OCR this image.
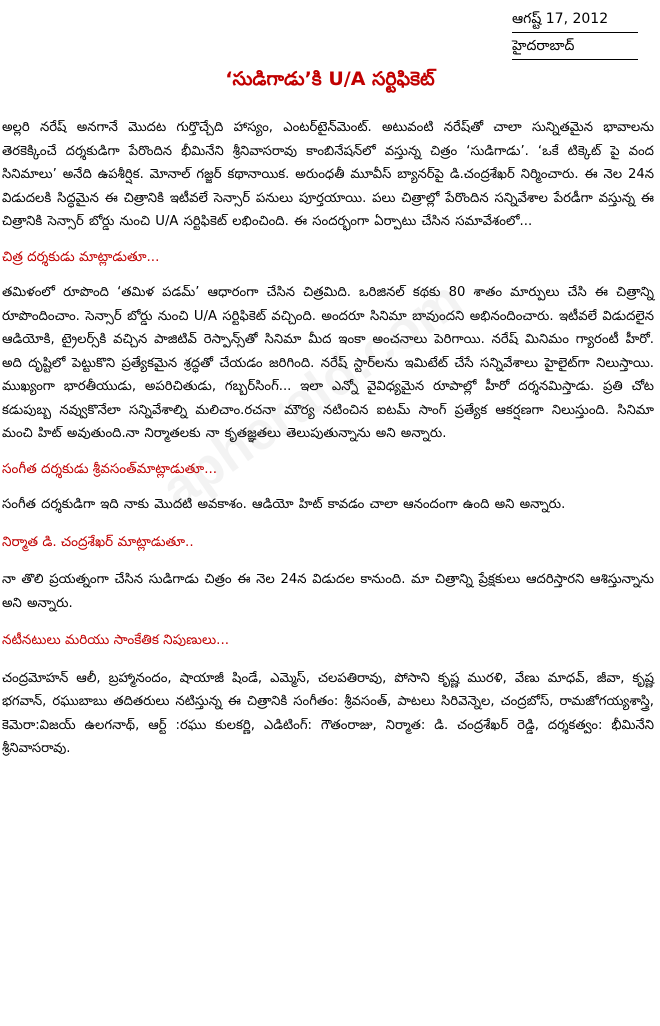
ఆగష్ట్ 17, 2012
హైదరాబాద్
‘సుడిగాడు’కి U/A సర్టిఫికెట్

అల్లరి నరేష్ అనగానే మొదట గుర్తొచ్చేది హాస్యం, ఎంటర్‌టైన్‌మెంట్. అటువంటి నరేష్‌తో చాలా సున్నితమైన భావాలను తెరకెక్కించే దర్శకుడిగా పేరొందిన భీమినేని శ్రీనివాసరావు కాంబినేషన్‌లో వస్తున్న చిత్రం ‘సుడిగాడు’. ‘ఒకే టిక్కెట్ పై వంద సినిమాలు’ అనేది ఉపశీర్షిక. మోనాల్ గజ్జర్ కథానాయిక. అరుంధతీ మూవీస్ బ్యానర్‌పై డి.చంద్రశేఖర్ నిర్మించారు. ఈ నెల 24న విడుదలకి సిద్ధమైన ఈ చిత్రానికి ఇటీవలే సెన్సార్ పనులు పూర్తయాయి. పలు చిత్రాల్లో పేరొందిన సన్నివేశాల పేరడీగా వస్తున్న ఈ చిత్రానికి సెన్సార్ బోర్డు నుంచి U/A సర్టిఫికెట్ లభించింది. ఈ సందర్భంగా ఏర్పాటు చేసిన సమావేశంలో...

చిత్ర దర్శకుడు మాట్లాడుతూ...

తమిళంలో రూపొంది ‘తమిళ పడమ్’ ఆధారంగా చేసిన చిత్రమిది. ఒరిజినల్ కథకు 80 శాతం మార్పులు చేసి ఈ చిత్రాన్ని రూపొందించాం. సెన్సార్ బోర్డు నుంచి U/A సర్టిఫికెట్ వచ్చింది. అందరూ సినిమా బావుందని అభినందించారు. ఇటీవలే విడుదలైన ఆడియోకి, ట్రైలర్స్‌కి వచ్చిన పాజిటివ్ రెస్పాన్స్‌తో సినిమా మీద ఇంకా అంచనాలు పెరిగాయి. నరేష్ మినిమం గ్యారంటీ హీరో. అది దృష్టిలో పెట్టుకొని ప్రత్యేకమైన శ్రద్ధతో చేయడం జరిగింది. నరేష్ స్టార్‌లను ఇమిటేట్ చేసే సన్నివేశాలు హైలైట్‌గా నిలుస్తాయి. ముఖ్యంగా భారతీయుడు, అపరిచితుడు, గబ్బర్‌సింగ్... ఇలా ఎన్నో వైవిధ్యమైన రూపాల్లో హీరో దర్శనమిస్తాడు. ప్రతి చోట కడుపుబ్బ నవ్వుకొనేలా సన్నివేశాల్ని మలిచాం.రచనా మౌర్య నటించిన ఐటమ్ సాంగ్ ప్రత్యేక ఆకర్షణగా నిలుస్తుంది. సినిమా మంచి హిట్ అవుతుంది.నా నిర్మాతలకు నా కృతజ్ఞతలు తెలుపుతున్నాను అని అన్నారు.

సంగీత దర్శకుడు శ్రీవసంత్‌మాట్లాడుతూ...

సంగీత దర్శకుడిగా ఇది నాకు మొదటి అవకాశం. ఆడియో హిట్ కావడం చాలా ఆనందంగా ఉంది అని అన్నారు.

నిర్మాత డి. చంద్రశేఖర్ మాట్లాడుతూ..

నా తొలి ప్రయత్నంగా చేసిన సుడిగాడు చిత్రం ఈ నెల 24న విడుదల కానుంది. మా చిత్రాన్ని ప్రేక్షకులు ఆదరిస్తారని ఆశిస్తున్నాను అని అన్నారు.

నటీనటులు మరియు సాంకేతిక నిపుణులు...

చంద్రమోహన్ ఆలీ, బ్రహ్మానందం, షాయాజీ షిండే, ఎమ్మెస్, చలపతిరావు, పోసాని కృష్ణ మురళి, వేణు మాధవ్, జీవా, కృష్ణ భగవాన్, రఘుబాబు తదితరులు నటిస్తున్న ఈ చిత్రానికి సంగీతం: శ్రీవసంత్, పాటలు సిరివెన్నెల, చంద్రబోస్, రామజోగయ్యశాస్త్రి, కెమెరా:విజయ్ ఉలగనాథ్, ఆర్ట్ :రఘు కులకర్ణి, ఎడిటింగ్: గౌతంరాజు, నిర్మాత: డి. చంద్రశేఖర్ రెడ్డి, దర్శకత్వం: భీమినేని శ్రీనివాసరావు.
